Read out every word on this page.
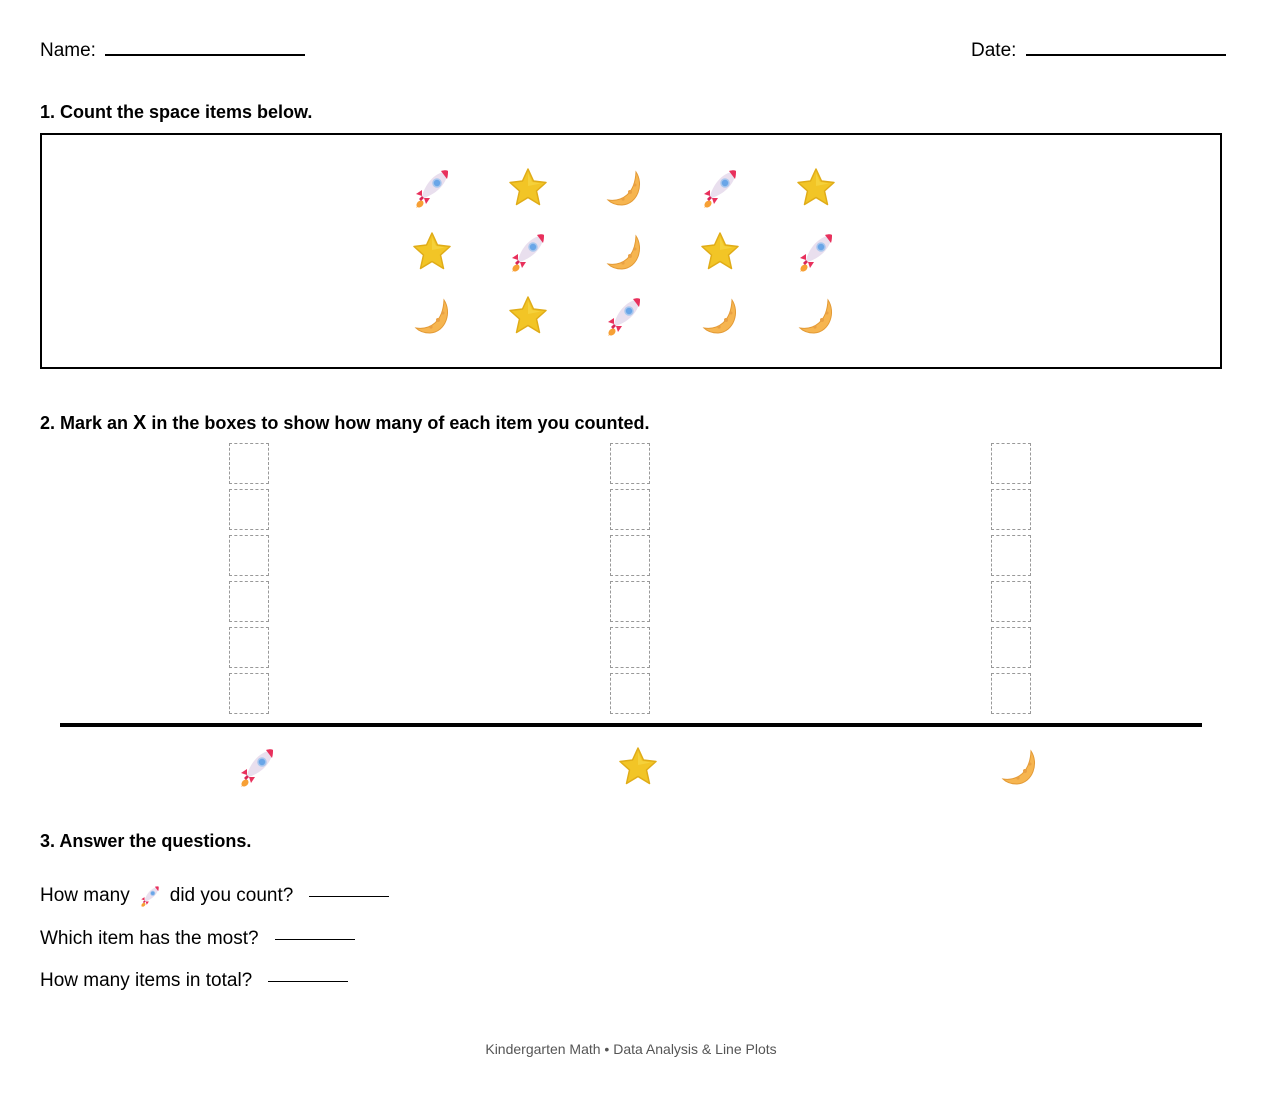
Name:	Date:
1. Count the space items below.
2. Mark an X in the boxes to show how many of each item you counted.
3. Answer the questions.
How many did you count?
Which item has the most?
How many items in total?
Kindergarten Math • Data Analysis & Line Plots
